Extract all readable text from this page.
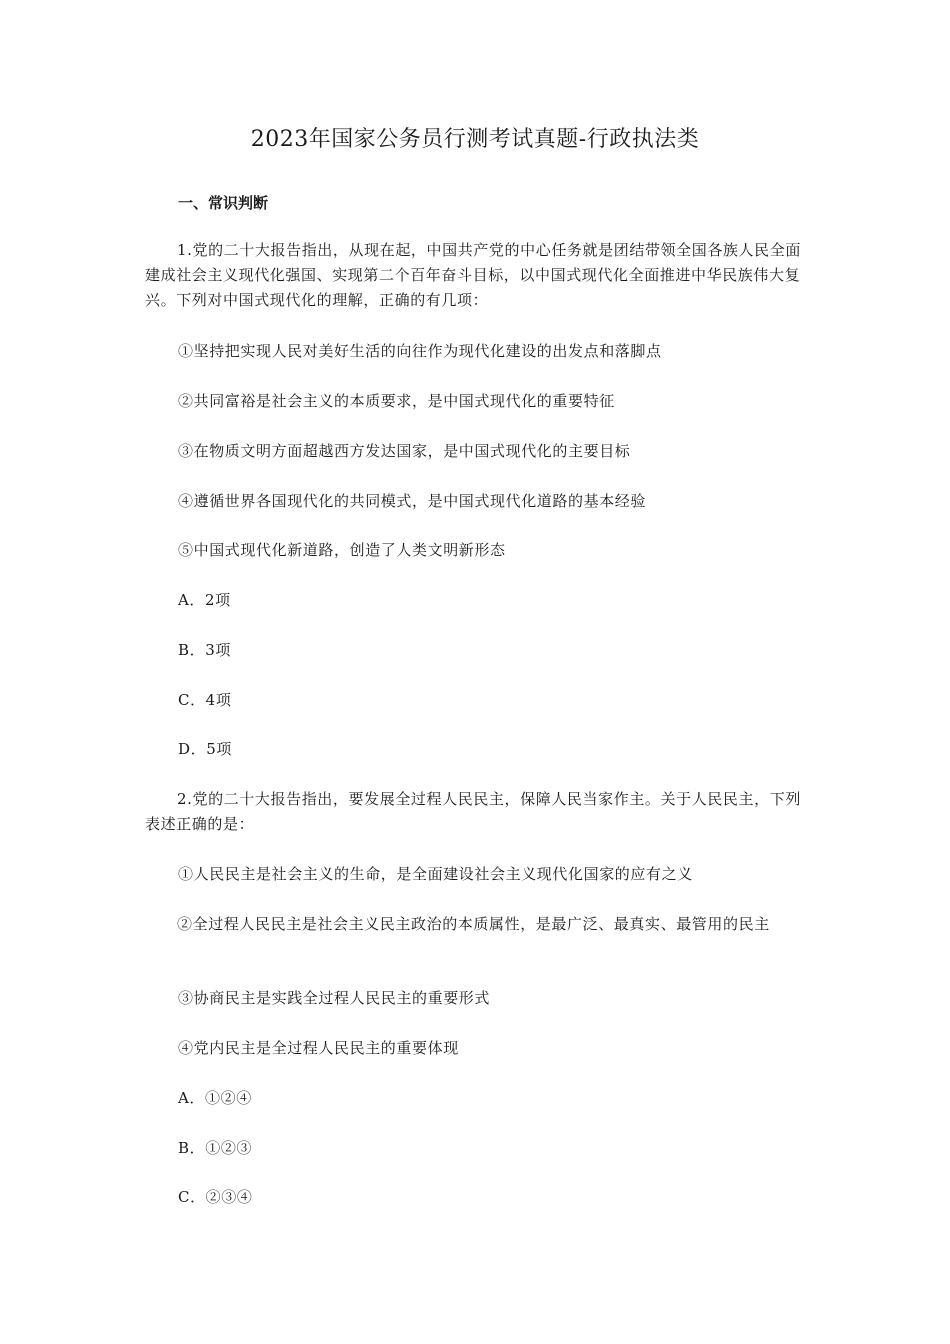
2023年国家公务员行测考试真题-行政执法类
一、常识判断
1.党的二十大报告指出，从现在起，中国共产党的中心任务就是团结带领全国各族人民全面建成社会主义现代化强国、实现第二个百年奋斗目标，以中国式现代化全面推进中华民族伟大复兴。下列对中国式现代化的理解，正确的有几项：
①坚持把实现人民对美好生活的向往作为现代化建设的出发点和落脚点
②共同富裕是社会主义的本质要求，是中国式现代化的重要特征
③在物质文明方面超越西方发达国家，是中国式现代化的主要目标
④遵循世界各国现代化的共同模式，是中国式现代化道路的基本经验
⑤中国式现代化新道路，创造了人类文明新形态
A．2项
B．3项
C．4项
D．5项
2.党的二十大报告指出，要发展全过程人民民主，保障人民当家作主。关于人民民主，下列表述正确的是：
①人民民主是社会主义的生命，是全面建设社会主义现代化国家的应有之义
②全过程人民民主是社会主义民主政治的本质属性，是最广泛、最真实、最管用的民主
③协商民主是实践全过程人民民主的重要形式
④党内民主是全过程人民民主的重要体现
A．①②④
B．①②③
C．②③④
